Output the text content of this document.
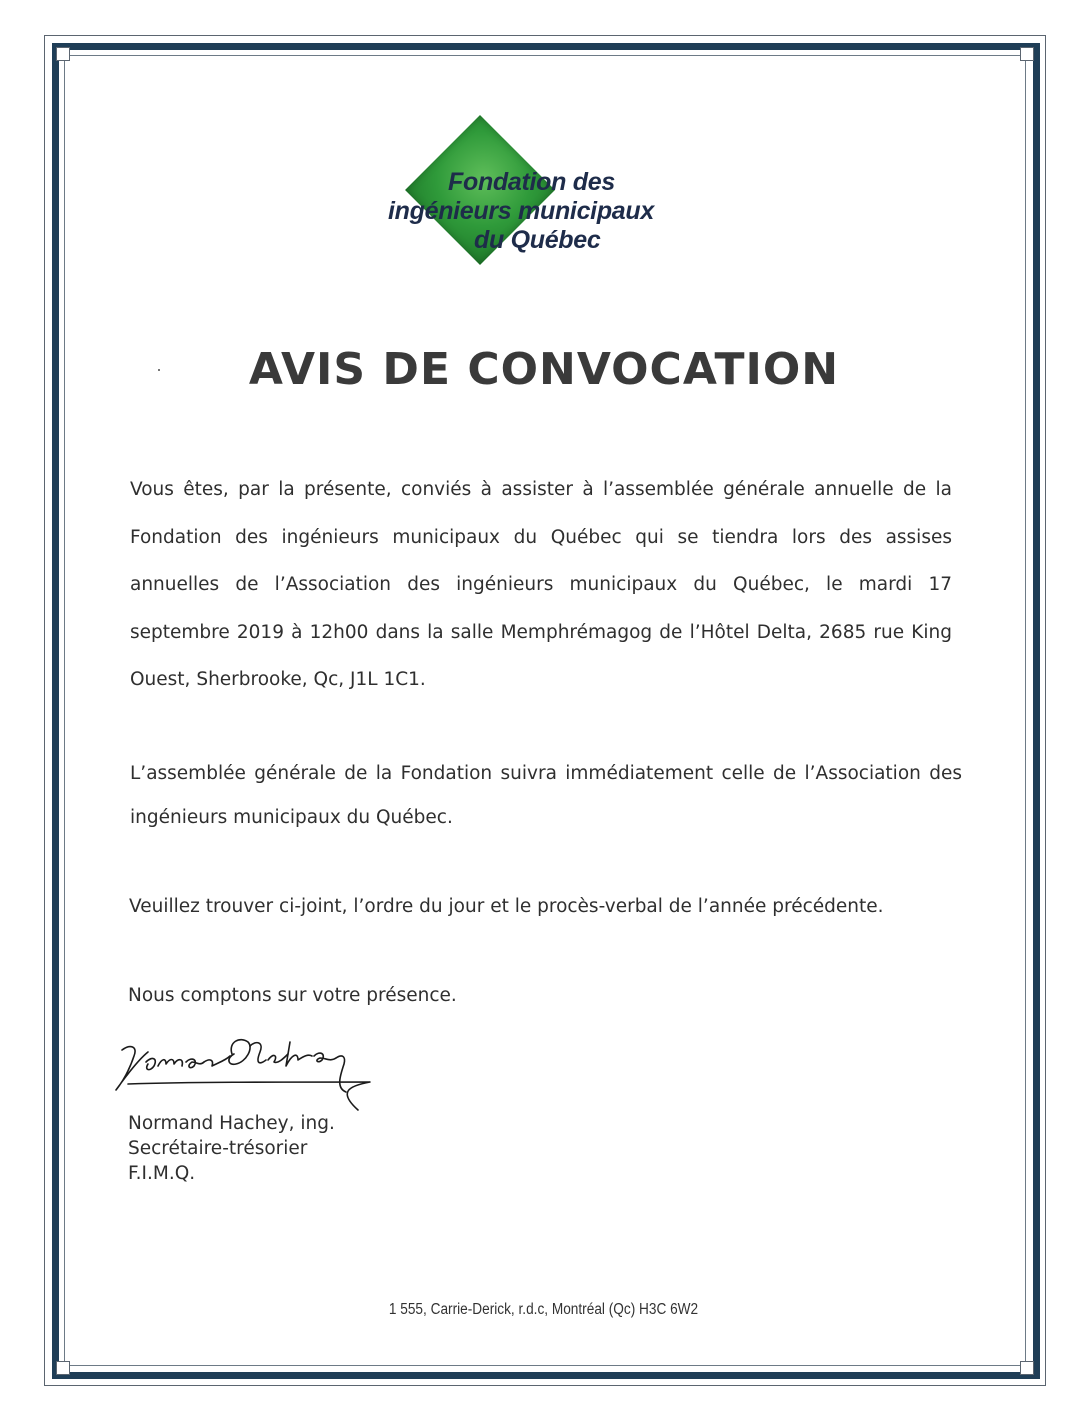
Fondation des
ingénieurs municipaux
du Québec
AVIS DE CONVOCATION

Vous êtes, par la présente, conviés à assister à l’assemblée générale annuelle de la Fondation des ingénieurs municipaux du Québec qui se tiendra lors des assises annuelles de l’Association des ingénieurs municipaux du Québec, le mardi 17 septembre 2019 à 12h00 dans la salle Memphrémagog de l’Hôtel Delta, 2685 rue King Ouest, Sherbrooke, Qc, J1L 1C1.

L’assemblée générale de la Fondation suivra immédiatement celle de l’Association des ingénieurs municipaux du Québec.

Veuillez trouver ci-joint, l’ordre du jour et le procès-verbal de l’année précédente.

Nous comptons sur votre présence.

Normand Hachey, ing.
Secrétaire-trésorier
F.I.M.Q.
1 555, Carrie-Derick, r.d.c, Montréal (Qc) H3C 6W2
